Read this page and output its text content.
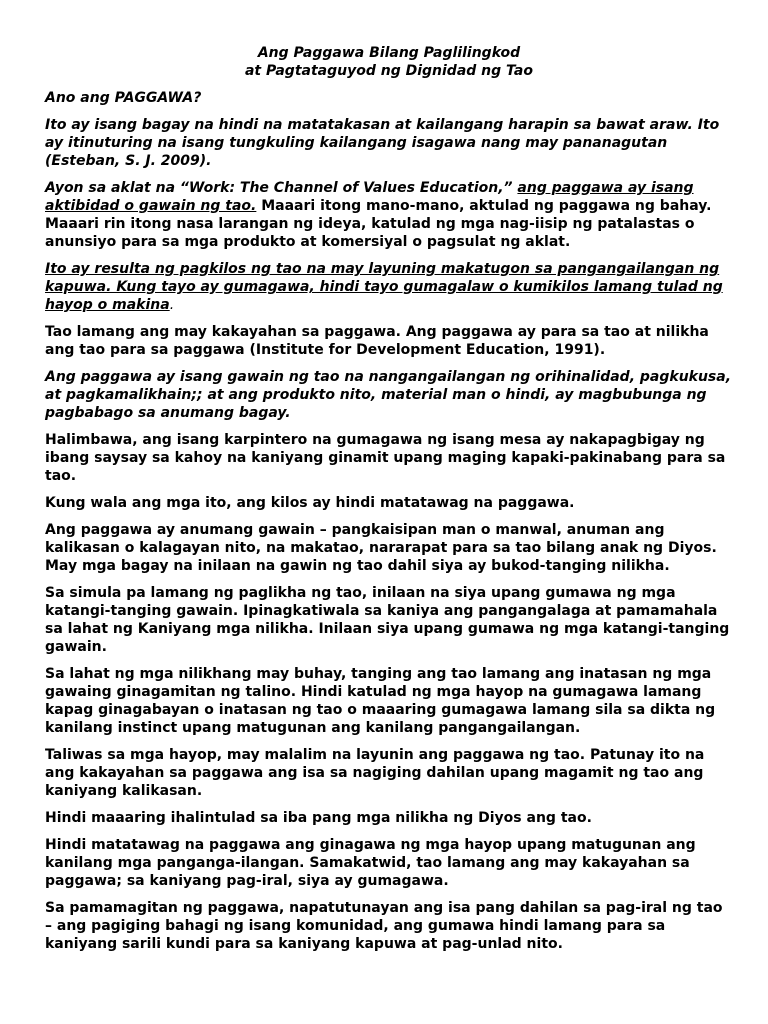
Ang Paggawa Bilang Paglilingkod
at Pagtataguyod ng Dignidad ng Tao

Ano ang PAGGAWA?

Ito ay isang bagay na hindi na matatakasan at kailangang harapin sa bawat araw. Ito ay itinuturing na isang tungkuling kailangang isagawa nang may pananagutan (Esteban, S. J. 2009).

Ayon sa aklat na “Work: The Channel of Values Education,” ang paggawa ay isang aktibidad o gawain ng tao. Maaari itong mano-mano, aktulad ng paggawa ng bahay. Maaari rin itong nasa larangan ng ideya, katulad ng mga nag-iisip ng patalastas o anunsiyo para sa mga produkto at komersiyal o pagsulat ng aklat.

Ito ay resulta ng pagkilos ng tao na may layuning makatugon sa pangangailangan ng kapuwa. Kung tayo ay gumagawa, hindi tayo gumagalaw o kumikilos lamang tulad ng hayop o makina.

Tao lamang ang may kakayahan sa paggawa. Ang paggawa ay para sa tao at nilikha ang tao para sa paggawa (Institute for Development Education, 1991).

Ang paggawa ay isang gawain ng tao na nangangailangan ng orihinalidad, pagkukusa, at pagkamalikhain;; at ang produkto nito, material man o hindi, ay magbubunga ng pagbabago sa anumang bagay.

Halimbawa, ang isang karpintero na gumagawa ng isang mesa ay nakapagbigay ng ibang saysay sa kahoy na kaniyang ginamit upang maging kapaki-pakinabang para sa tao.

Kung wala ang mga ito, ang kilos ay hindi matatawag na paggawa.

Ang paggawa ay anumang gawain – pangkaisipan man o manwal, anuman ang kalikasan o kalagayan nito, na makatao, nararapat para sa tao bilang anak ng Diyos. May mga bagay na inilaan na gawin ng tao dahil siya ay bukod-tanging nilikha.

Sa simula pa lamang ng paglikha ng tao, inilaan na siya upang gumawa ng mga katangi-tanging gawain. Ipinagkatiwala sa kaniya ang pangangalaga at pamamahala sa lahat ng Kaniyang mga nilikha. Inilaan siya upang gumawa ng mga katangi-tanging gawain.

Sa lahat ng mga nilikhang may buhay, tanging ang tao lamang ang inatasan ng mga gawaing ginagamitan ng talino. Hindi katulad ng mga hayop na gumagawa lamang kapag ginagabayan o inatasan ng tao o maaaring gumagawa lamang sila sa dikta ng kanilang instinct upang matugunan ang kanilang pangangailangan.

Taliwas sa mga hayop, may malalim na layunin ang paggawa ng tao. Patunay ito na ang kakayahan sa paggawa ang isa sa nagiging dahilan upang magamit ng tao ang kaniyang kalikasan.

Hindi maaaring ihalintulad sa iba pang mga nilikha ng Diyos ang tao.

Hindi matatawag na paggawa ang ginagawa ng mga hayop upang matugunan ang kanilang mga panganga-ilangan. Samakatwid, tao lamang ang may kakayahan sa paggawa; sa kaniyang pag-iral, siya ay gumagawa.

Sa pamamagitan ng paggawa, napatutunayan ang isa pang dahilan sa pag-iral ng tao – ang pagiging bahagi ng isang komunidad, ang gumawa hindi lamang para sa kaniyang sarili kundi para sa kaniyang kapuwa at pag-unlad nito.
